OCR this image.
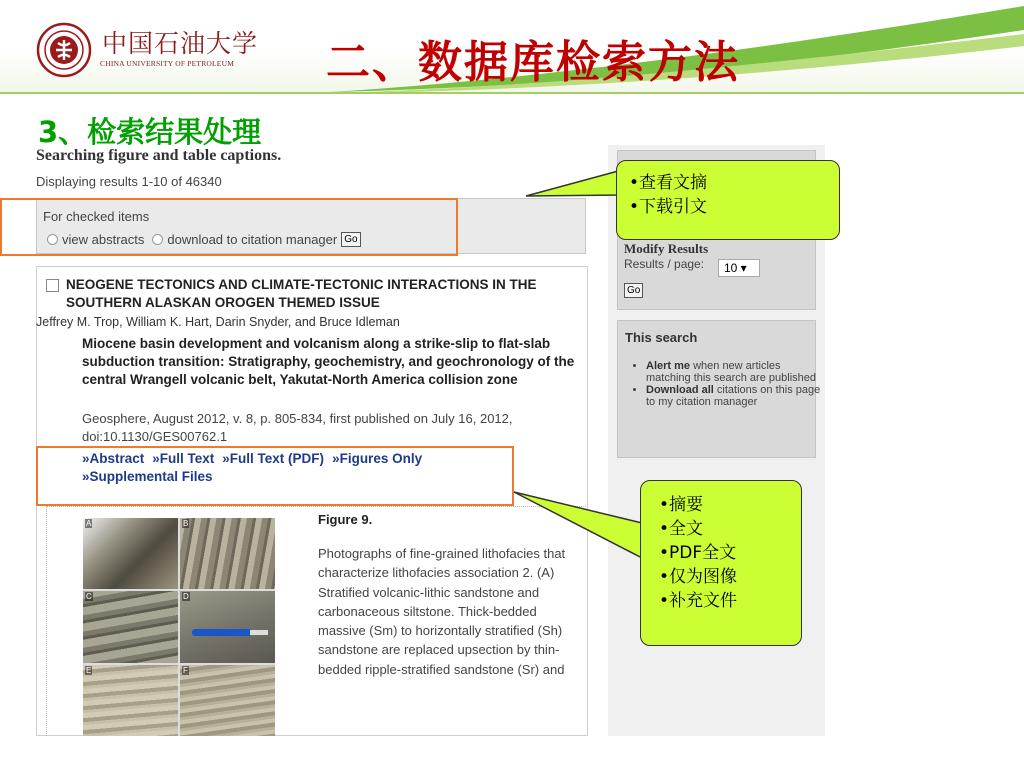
中国石油大学
CHINA UNIVERSITY OF PETROLEUM 二、数据库检索方法
3、检索结果处理
Searching figure and table captions.
Displaying results 1-10 of 46340
For checked items
view abstracts download to citation manager Go
NEOGENE TECTONICS AND CLIMATE-TECTONIC INTERACTIONS IN THE SOUTHERN ALASKAN OROGEN THEMED ISSUE
Jeffrey M. Trop, William K. Hart, Darin Snyder, and Bruce Idleman
Miocene basin development and volcanism along a strike-slip to flat-slab subduction transition: Stratigraphy, geochemistry, and geochronology of the central Wrangell volcanic belt, Yakutat-North America collision zone
Geosphere, August 2012, v. 8, p. 805-834, first published on July 16, 2012, doi:10.1130/GES00762.1
»Abstract »Full Text »Full Text (PDF) »Figures Only
»Supplemental Files
A	B
C	D
E	F
Figure 9.
Photographs of fine-grained lithofacies that characterize lithofacies association 2. (A) Stratified volcanic-lithic sandstone and carbonaceous siltstone. Thick-bedded massive (Sm) to horizontally stratified (Sh) sandstone are replaced upsection by thin-bedded ripple-stratified sandstone (Sr) and
Modify Results
Results / page:	10 ▾
Go
This search
• Alert me when new articles matching this search are published
• Download all citations on this page to my citation manager
•查看文摘
•下载引文
•摘要
•全文
•PDF全文
•仅为图像
•补充文件
